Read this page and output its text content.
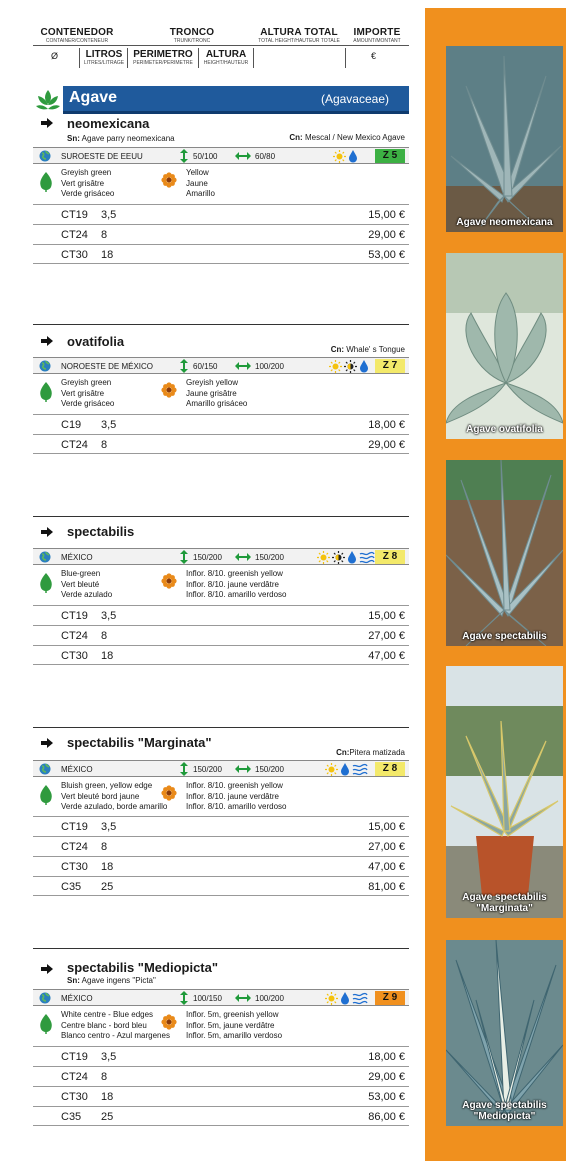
CONTENEDOR
CONTAINER/CONTENEUR
TRONCO
TRUNK/TRONC
ALTURA TOTAL
TOTAL HEIGHT/HAUTEUR TOTALE
IMPORTE
AMOUNT/MONTANT
Ø	LITROS
LITRES/LITRAGE
PERIMETRO
PERIMETER/PERIMETRE
ALTURA
HEIGHT/HAUTEUR
€
Agave	(Agavaceae)
neomexicana
Sn: Agave parry neomexicana	Cn: Mescal / New Mexico Agave
SUROESTE DE EEUU	50/100	60/80	Z 5
Greyish green
Vert grisâtre
Verde grisáceo
Yellow
Jaune
Amarillo
CT19 3,5	15,00 €
CT24 8	29,00 €
CT30 18	53,00 €
ovatifolia
Cn: Whale' s Tongue
NOROESTE DE MÉXICO	60/150	100/200	Z 7
Greyish green
Vert grisâtre
Verde grisáceo
Greyish yellow
Jaune grisâtre
Amarillo grisáceo
C19 3,5	18,00 €
CT24 8	29,00 €
spectabilis
MÉXICO	150/200	150/200	Z 8
Blue-green
Vert bleuté
Verde azulado
Inflor. 8/10. greenish yellow
Inflor. 8/10. jaune verdâtre
Inflor. 8/10. amarillo verdoso
CT19 3,5	15,00 €
CT24 8	27,00 €
CT30 18	47,00 €
spectabilis "Marginata"
Cn:Pitera matizada
MÉXICO	150/200	150/200	Z 8
Bluish green, yellow edge
Vert bleuté bord jaune
Verde azulado, borde amarillo
Inflor. 8/10. greenish yellow
Inflor. 8/10. jaune verdâtre
Inflor. 8/10. amarillo verdoso
CT19 3,5	15,00 €
CT24 8	27,00 €
CT30 18	47,00 €
C35 25	81,00 €
spectabilis "Mediopicta"
Sn: Agave ingens "Picta"
MÉXICO	100/150	100/200	Z 9
White centre - Blue edges
Centre blanc - bord bleu
Blanco centro - Azul margenes
Inflor. 5m, greenish yellow
Inflor. 5m, jaune verdâtre
Inflor. 5m, amarillo verdoso
CT19 3,5	18,00 €
CT24 8	29,00 €
CT30 18	53,00 €
C35 25	86,00 €
Agave neomexicana
Agave ovatifolia
Agave spectabilis
Agave spectabilis "Marginata"
Agave spectabilis "Mediopicta"
